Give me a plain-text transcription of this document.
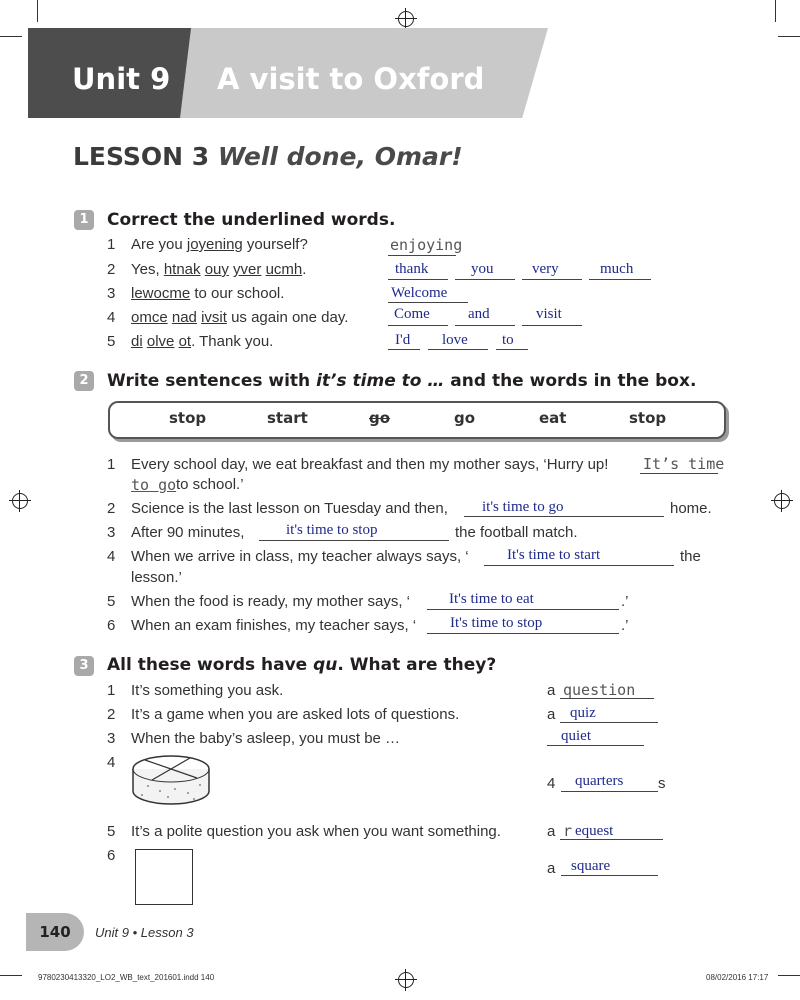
Unit 9 A visit to Oxford
LESSON 3 Well done, Omar!
1	Correct the underlined words.
1 Are you joyening yourself?	enjoying
2 Yes, htnak ouy yver ucmh.	thank	you	very	much
3 lewocme to our school.	Welcome
4 omce nad ivsit us again one day.	Come	and	visit
5 di olve ot. Thank you.	I'd love to
2	Write sentences with it’s time to … and the words in the box.
stop	start	go	go	eat	stop
1 Every school day, we eat breakfast and then my mother says, ‘Hurry up! It’s time
to go to school.’
2 Science is the last lesson on Tuesday and then, it's time to go	home.
3 After 90 minutes,	it's time to stop	the football match.
4 When we arrive in class, my teacher always says, ‘	It's time to start	the
lesson.’
5 When the food is ready, my mother says, ‘	It's time to eat	.’
6 When an exam finishes, my teacher says, ‘ It's time to stop	.’
3	All these words have qu. What are they?
1 It’s something you ask.	a question
2 It’s a game when you are asked lots of questions.	a quiz
3 When the baby’s asleep, you must be …	quiet
4
4 quarters s
5 It’s a polite question you ask when you want something.	a r equest
6
a square
140	Unit 9 • Lesson 3
9780230413320_LO2_WB_text_201601.indd 140	08/02/2016 17:17
